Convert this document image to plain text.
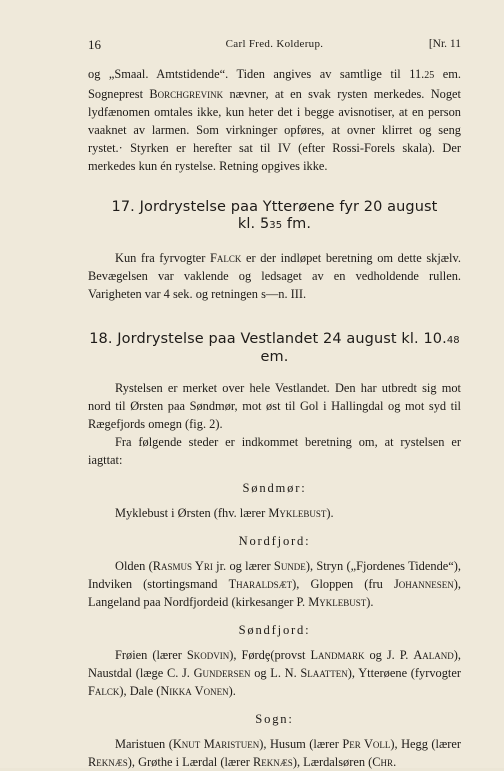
16	Carl Fred. Kolderup.	[Nr. 11

og „Smaal. Amtstidende“. Tiden angives av samtlige til 11.25 em. Sogneprest Borchgrevink nævner, at en svak rysten merkedes. Noget lydfænomen omtales ikke, kun heter det i begge avisnotiser, at en person vaaknet av larmen. Som virkninger opføres, at ovner klirret og seng rystet.· Styrken er herefter sat til IV (efter Rossi-Forels skala). Der merkedes kun én rystelse. Retning opgives ikke.

17. Jordrystelse paa Ytterøene fyr 20 august
kl. 535 fm.

Kun fra fyrvogter Falck er der indløpet beretning om dette skjælv. Bevægelsen var vaklende og ledsaget av en vedholdende rullen. Varigheten var 4 sek. og retningen s—n. III.

18. Jordrystelse paa Vestlandet 24 august kl. 10.48 em.

Rystelsen er merket over hele Vestlandet. Den har utbredt sig mot nord til Ørsten paa Søndmør, mot øst til Gol i Hallingdal og mot syd til Rægefjords omegn (fig. 2).

Fra følgende steder er indkommet beretning om, at rystelsen er iagttat:

Søndmør:

Myklebust i Ørsten (fhv. lærer Myklebust).

Nordfjord:

Olden (Rasmus Yri jr. og lærer Sunde), Stryn („Fjordenes Tidende“), Indviken (stortingsmand Tharaldsæt), Gloppen (fru Johannesen), Langeland paa Nordfjordeid (kirkesanger P. Myklebust).

Søndfjord:

Frøien (lærer Skodvin), Førdȩ(provst Landmark og J. P. Aaland), Naustdal (læge C. J. Gundersen og L. N. Slaatten), Ytterøene (fyrvogter Falck), Dale (Nikka Vonen).

Sogn:

Maristuen (Knut Maristuen), Husum (lærer Per Voll), Hegg (lærer Reknæs), Grøthe i Lærdal (lærer Reknæs), Lærdalsøren (Chr.
